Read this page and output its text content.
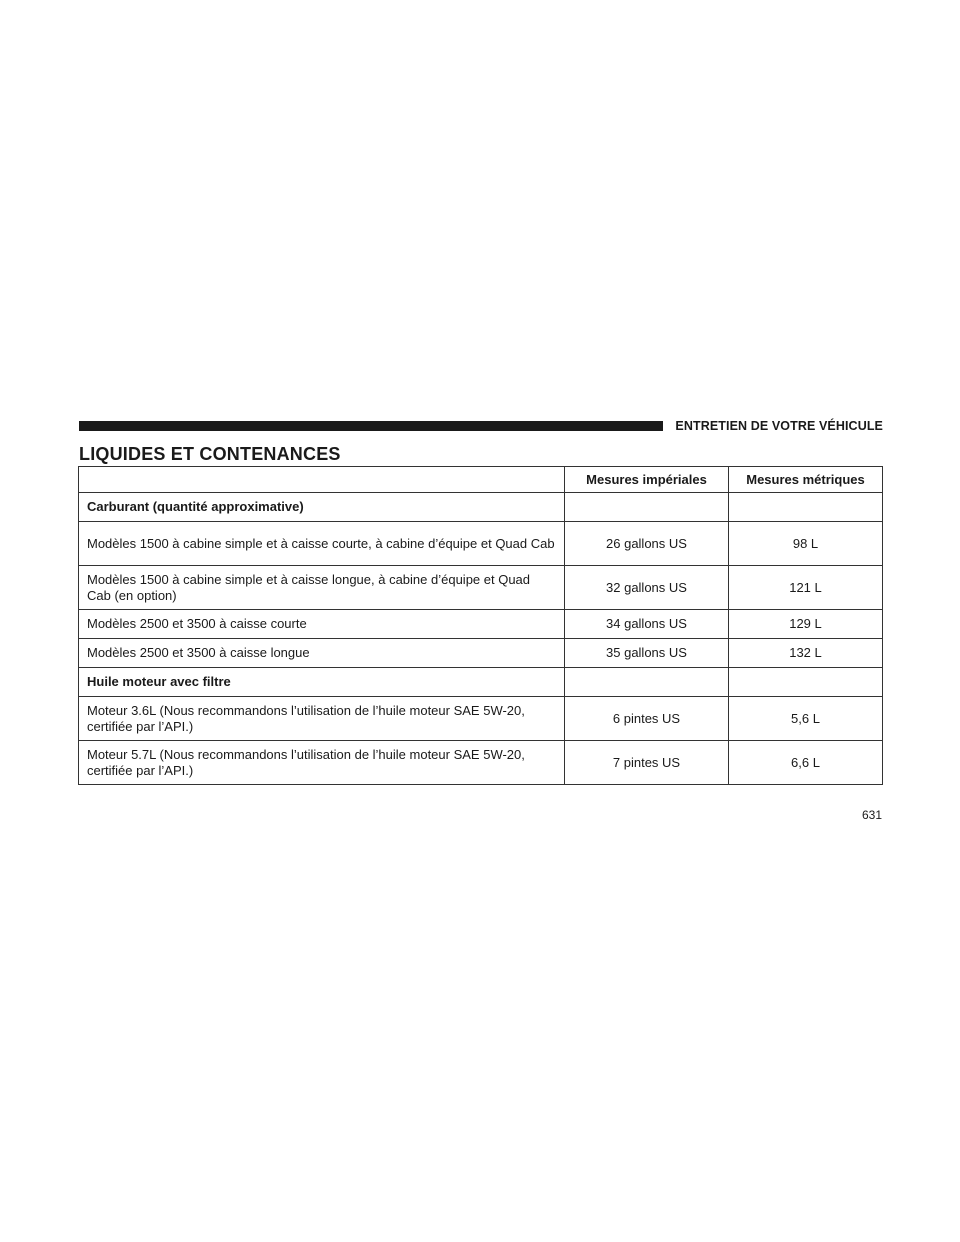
ENTRETIEN DE VOTRE VÉHICULE
LIQUIDES ET CONTENANCES
	Mesures impériales	Mesures métriques
Carburant (quantité approximative)		
Modèles 1500 à cabine simple et à caisse courte, à cabine d’équipe et Quad Cab	26 gallons US	98 L
Modèles 1500 à cabine simple et à caisse longue, à cabine d’équipe et Quad Cab (en option)	32 gallons US	121 L
Modèles 2500 et 3500 à caisse courte	34 gallons US	129 L
Modèles 2500 et 3500 à caisse longue	35 gallons US	132 L
Huile moteur avec filtre		
Moteur 3.6L (Nous recommandons l’utilisation de l’huile moteur SAE 5W-20, certifiée par l’API.)	6 pintes US	5,6 L
Moteur 5.7L (Nous recommandons l’utilisation de l’huile moteur SAE 5W-20, certifiée par l’API.)	7 pintes US	6,6 L
631
